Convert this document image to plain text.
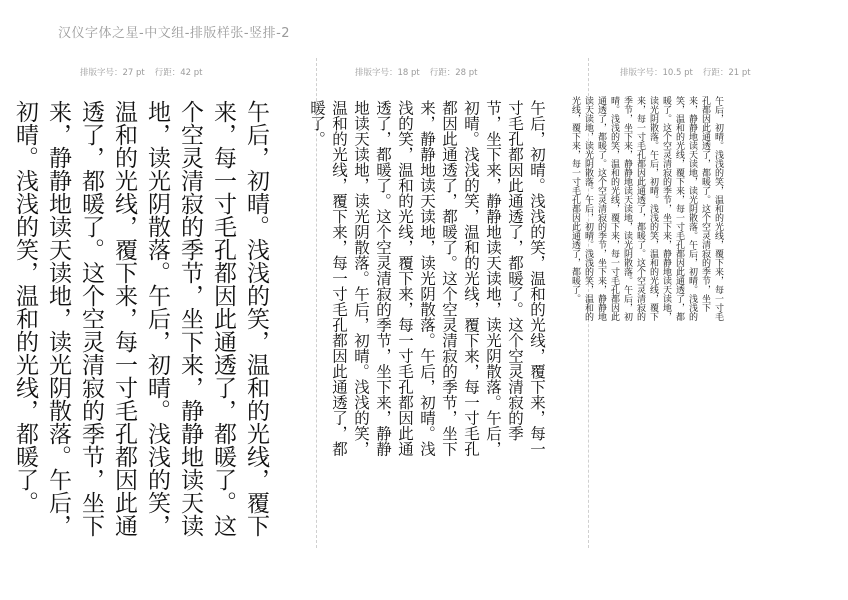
汉仪字体之星-中文组-排版样张-竖排-2
排版字号：27 pt 行距：42 pt
午后，初晴。浅浅的笑，温和的光线，覆下来，每一寸毛孔都因此通透了，都暖了。这个空灵清寂的季节，坐下来，静静地读天读地，读光阴散落。午后，初晴。浅浅的笑，温和的光线，覆下来，每一寸毛孔都因此通透了，都暖了。这个空灵清寂的季节，坐下来，静静地读天读地，读光阴散落。午后，初晴。浅浅的笑，温和的光线，都暖了。
排版字号：18 pt 行距：28 pt
午后，初晴。浅浅的笑，温和的光线，覆下来，每一寸毛孔都因此通透了，都暖了。这个空灵清寂的季节，坐下来，静静地读天读地，读光阴散落。午后，初晴。浅浅的笑，温和的光线，覆下来，每一寸毛孔都因此通透了，都暖了。这个空灵清寂的季节，坐下来，静静地读天读地，读光阴散落。午后，初晴。浅浅的笑，温和的光线，覆下来，每一寸毛孔都因此通透了，都暖了。这个空灵清寂的季节，坐下来，静静地读天读地，读光阴散落。午后，初晴。浅浅的笑，温和的光线，覆下来，每一寸毛孔都因此通透了，都暖了。
排版字号：10.5 pt 行距：21 pt
午后，初晴。浅浅的笑，温和的光线，覆下来，每一寸毛孔都因此通透了，都暖了。这个空灵清寂的季节，坐下来，静静地读天读地，读光阴散落。午后，初晴。浅浅的笑，温和的光线，覆下来，每一寸毛孔都因此通透了，都暖了。这个空灵清寂的季节，坐下来，静静地读天读地，读光阴散落。午后，初晴。浅浅的笑，温和的光线，覆下来，每一寸毛孔都因此通透了，都暖了。这个空灵清寂的季节，坐下来，静静地读天读地，读光阴散落。午后，初晴。浅浅的笑，温和的光线，覆下来，每一寸毛孔都因此通透了，都暖了。这个空灵清寂的季节，坐下来，静静地读天读地，读光阴散落。午后，初晴。浅浅的笑，温和的光线，覆下来，每一寸毛孔都因此通透了，都暖了。
